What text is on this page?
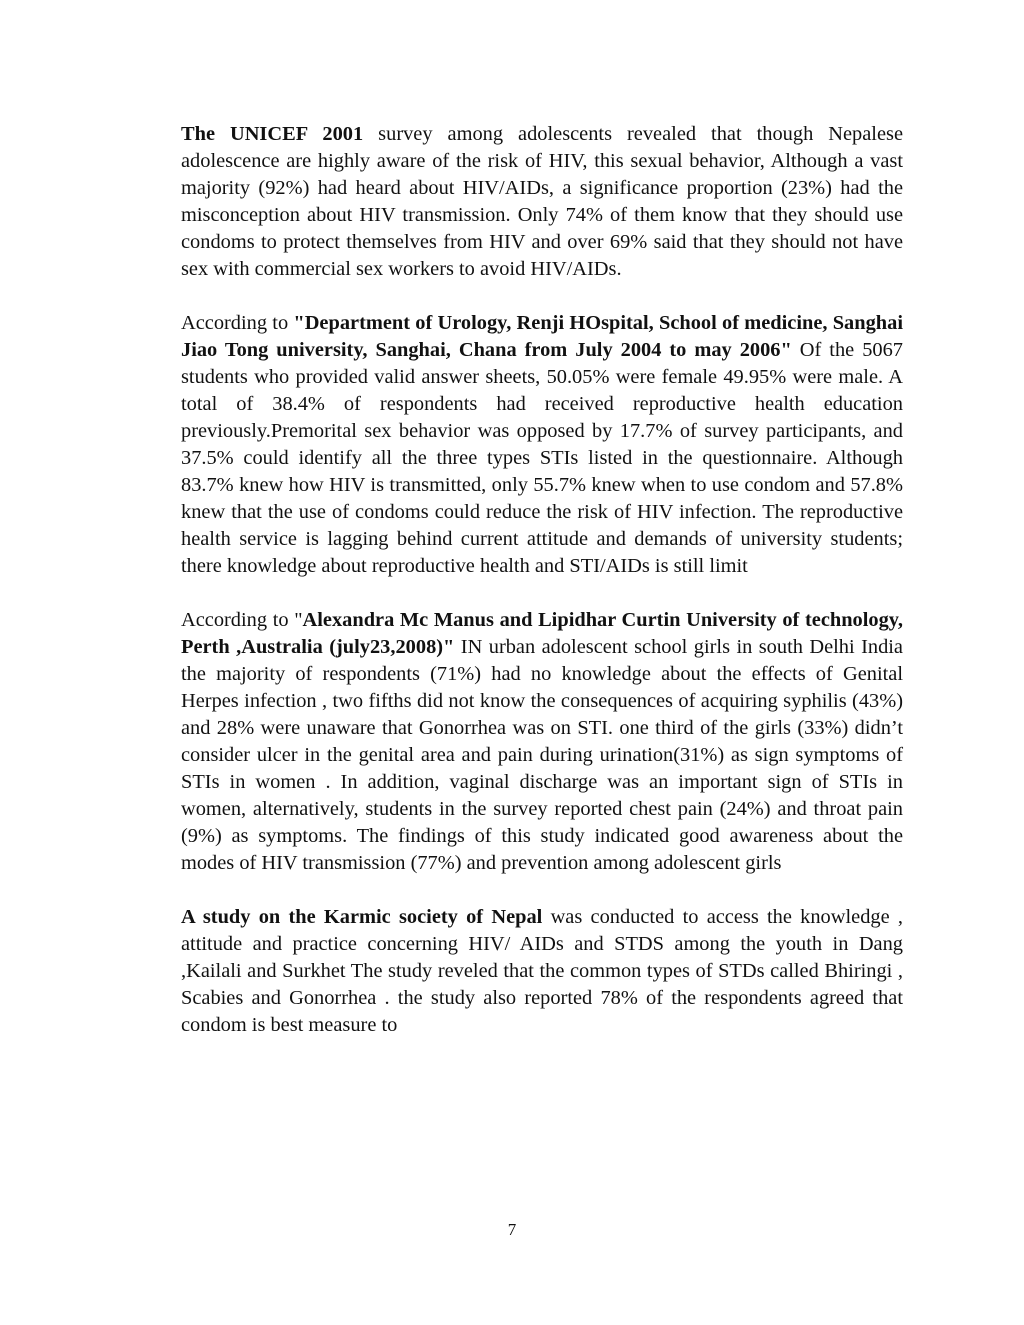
The UNICEF 2001 survey among adolescents revealed that though Nepalese adolescence are highly aware of the risk of HIV, this sexual behavior, Although a vast majority (92%) had heard about HIV/AIDs, a significance proportion (23%) had the misconception about HIV transmission. Only 74% of them know that they should use condoms to protect themselves from HIV and over 69% said that they should not have sex with commercial sex workers to avoid HIV/AIDs.

According to "Department of Urology, Renji HOspital, School of medicine, Sanghai Jiao Tong university, Sanghai, Chana from July 2004 to may 2006" Of the 5067 students who provided valid answer sheets, 50.05% were female 49.95% were male. A total of 38.4% of respondents had received reproductive health education previously.Premorital sex behavior was opposed by 17.7% of survey participants, and 37.5% could identify all the three types STIs listed in the questionnaire. Although 83.7% knew how HIV is transmitted, only 55.7% knew when to use condom and 57.8% knew that the use of condoms could reduce the risk of HIV infection. The reproductive health service is lagging behind current attitude and demands of university students; there knowledge about reproductive health and STI/AIDs is still limit

According to "Alexandra Mc Manus and Lipidhar Curtin University of technology, Perth ,Australia (july23,2008)" IN urban adolescent school girls in south Delhi India the majority of respondents (71%) had no knowledge about the effects of Genital Herpes infection , two fifths did not know the consequences of acquiring syphilis (43%) and 28% were unaware that Gonorrhea was on STI. one third of the girls (33%) didn’t consider ulcer in the genital area and pain during urination(31%) as sign symptoms of STIs in women . In addition, vaginal discharge was an important sign of STIs in women, alternatively, students in the survey reported chest pain (24%) and throat pain (9%) as symptoms. The findings of this study indicated good awareness about the modes of HIV transmission (77%) and prevention among adolescent girls

A study on the Karmic society of Nepal was conducted to access the knowledge , attitude and practice concerning HIV/ AIDs and STDS among the youth in Dang ,Kailali and Surkhet The study reveled that the common types of STDs called Bhiringi , Scabies and Gonorrhea . the study also reported 78% of the respondents agreed that condom is best measure to

7
